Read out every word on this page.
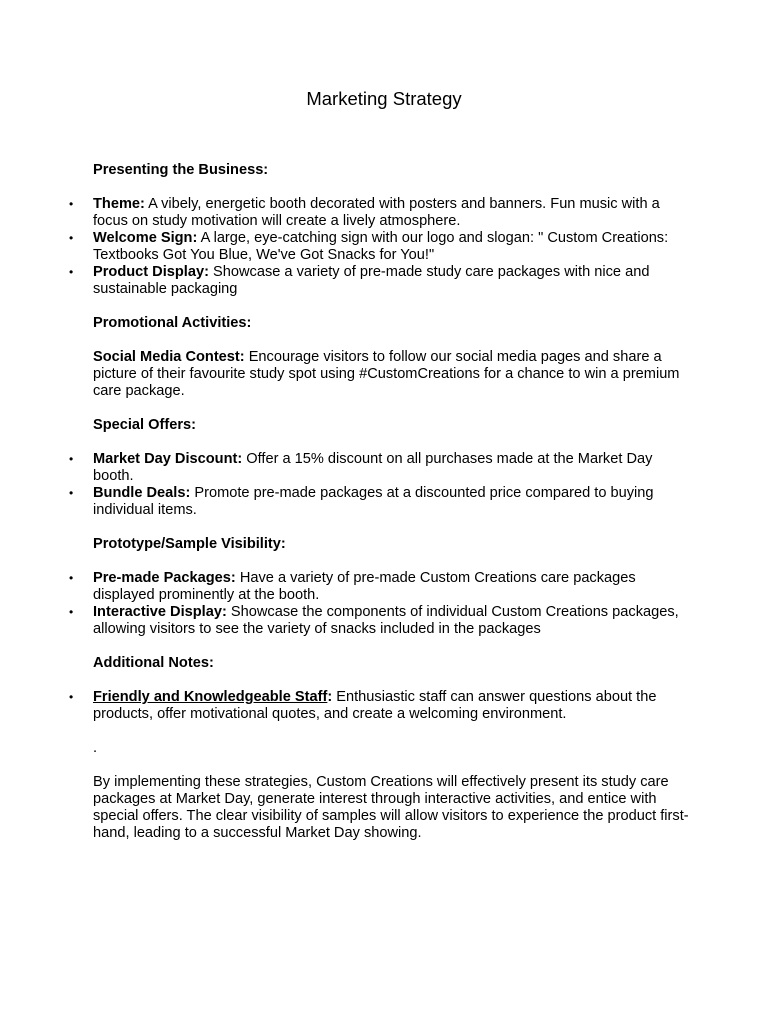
Marketing Strategy

Presenting the Business:

• Theme: A vibely, energetic booth decorated with posters and banners. Fun music with a focus on study motivation will create a lively atmosphere.
• Welcome Sign: A large, eye-catching sign with our logo and slogan: " Custom Creations: Textbooks Got You Blue, We've Got Snacks for You!"
• Product Display: Showcase a variety of pre-made study care packages with nice and sustainable packaging

Promotional Activities:

Social Media Contest: Encourage visitors to follow our social media pages and share a picture of their favourite study spot using #CustomCreations for a chance to win a premium care package.

Special Offers:

• Market Day Discount: Offer a 15% discount on all purchases made at the Market Day booth.
• Bundle Deals: Promote pre-made packages at a discounted price compared to buying individual items.

Prototype/Sample Visibility:

• Pre-made Packages: Have a variety of pre-made Custom Creations care packages displayed prominently at the booth.
• Interactive Display: Showcase the components of individual Custom Creations packages, allowing visitors to see the variety of snacks included in the packages

Additional Notes:

• Friendly and Knowledgeable Staff: Enthusiastic staff can answer questions about the products, offer motivational quotes, and create a welcoming environment.

.

By implementing these strategies, Custom Creations will effectively present its study care packages at Market Day, generate interest through interactive activities, and entice with special offers. The clear visibility of samples will allow visitors to experience the product first-hand, leading to a successful Market Day showing.
